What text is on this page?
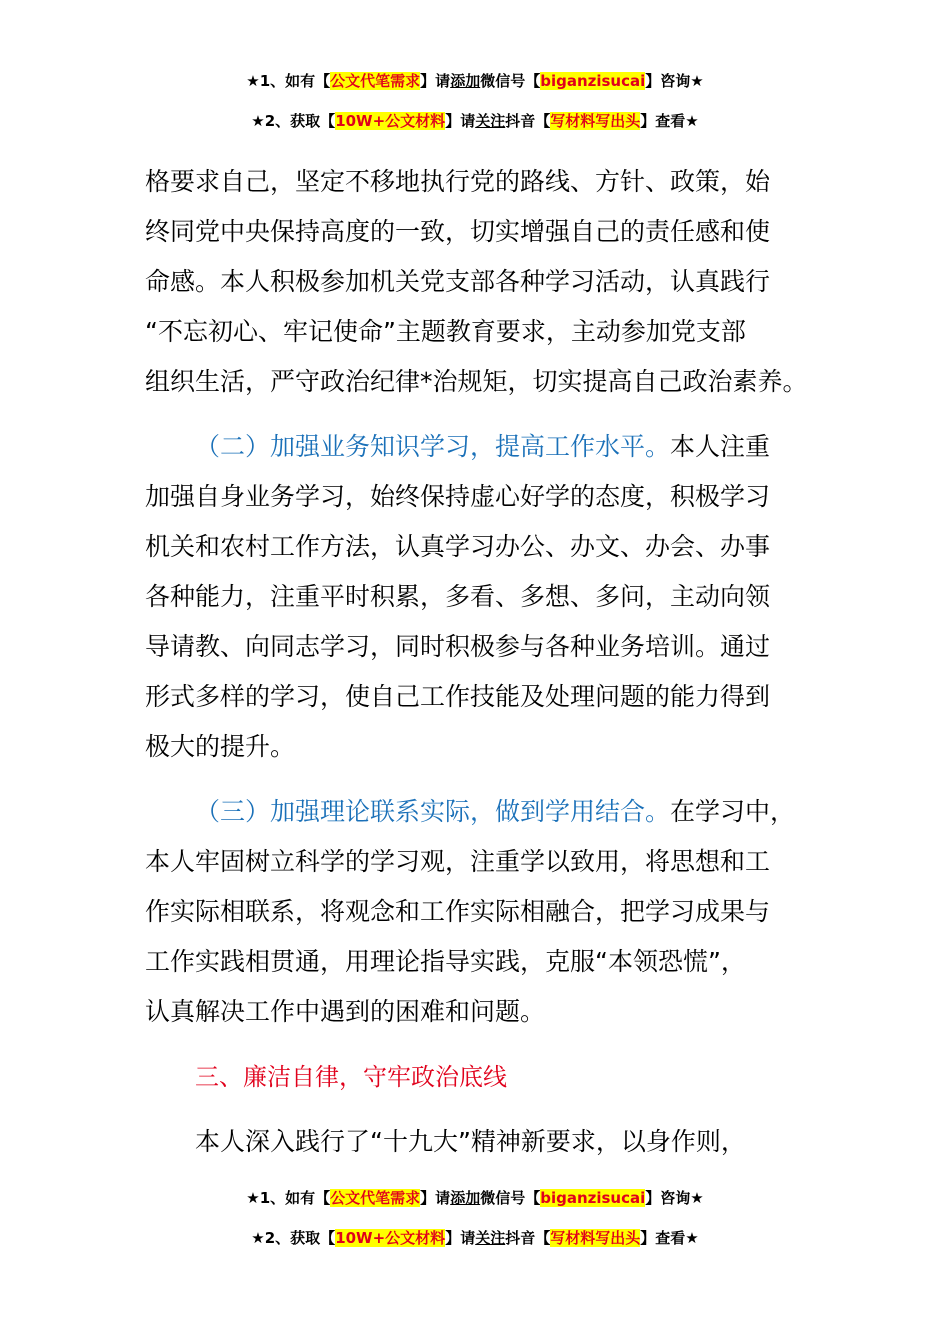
★1、如有【公文代笔需求】请添加微信号【biganzisucai】咨询★
★2、获取【10W+公文材料】请关注抖音【写材料写出头】查看★
格要求自己，坚定不移地执行党的路线、方针、政策，始
终同党中央保持高度的一致，切实增强自己的责任感和使
命感。本人积极参加机关党支部各种学习活动，认真践行
“不忘初心、牢记使命”主题教育要求，主动参加党支部
组织生活，严守政治纪律*治规矩，切实提高自己政治素养。
（二）加强业务知识学习，提高工作水平。本人注重
加强自身业务学习，始终保持虚心好学的态度，积极学习
机关和农村工作方法，认真学习办公、办文、办会、办事
各种能力，注重平时积累，多看、多想、多问，主动向领
导请教、向同志学习，同时积极参与各种业务培训。通过
形式多样的学习，使自己工作技能及处理问题的能力得到
极大的提升。
（三）加强理论联系实际，做到学用结合。在学习中，
本人牢固树立科学的学习观，注重学以致用，将思想和工
作实际相联系，将观念和工作实际相融合，把学习成果与
工作实践相贯通，用理论指导实践，克服“本领恐慌”，
认真解决工作中遇到的困难和问题。
三、廉洁自律，守牢政治底线
本人深入践行了“十九大”精神新要求，以身作则，
★1、如有【公文代笔需求】请添加微信号【biganzisucai】咨询★
★2、获取【10W+公文材料】请关注抖音【写材料写出头】查看★
